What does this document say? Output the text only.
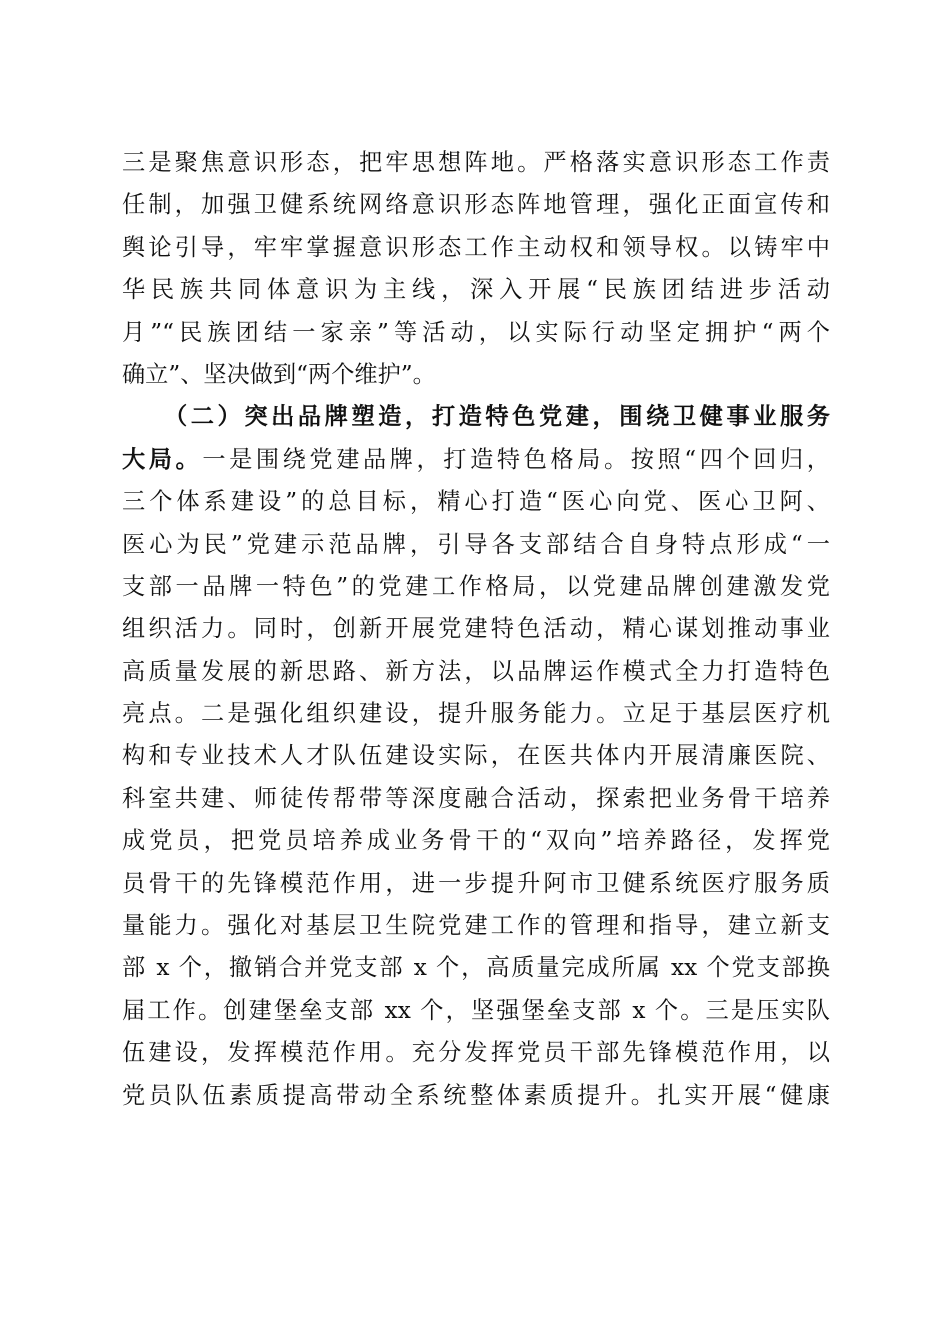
三是聚焦意识形态，把牢思想阵地。严格落实意识形态工作责
任制，加强卫健系统网络意识形态阵地管理，强化正面宣传和
舆论引导，牢牢掌握意识形态工作主动权和领导权。以铸牢中
华民族共同体意识为主线，深入开展“民族团结进步活动
月”“民族团结一家亲”等活动，以实际行动坚定拥护“两个
确立”、坚决做到“两个维护”。
　　（二）突出品牌塑造，打造特色党建，围绕卫健事业服务
大局。一是围绕党建品牌，打造特色格局。按照“四个回归，
三个体系建设”的总目标，精心打造“医心向党、医心卫阿、
医心为民”党建示范品牌，引导各支部结合自身特点形成“一
支部一品牌一特色”的党建工作格局，以党建品牌创建激发党
组织活力。同时，创新开展党建特色活动，精心谋划推动事业
高质量发展的新思路、新方法，以品牌运作模式全力打造特色
亮点。二是强化组织建设，提升服务能力。立足于基层医疗机
构和专业技术人才队伍建设实际，在医共体内开展清廉医院、
科室共建、师徒传帮带等深度融合活动，探索把业务骨干培养
成党员，把党员培养成业务骨干的“双向”培养路径，发挥党
员骨干的先锋模范作用，进一步提升阿市卫健系统医疗服务质
量能力。强化对基层卫生院党建工作的管理和指导，建立新支
部 x 个，撤销合并党支部 x 个，高质量完成所属 xx 个党支部换
届工作。创建堡垒支部 xx 个，坚强堡垒支部 x 个。三是压实队
伍建设，发挥模范作用。充分发挥党员干部先锋模范作用，以
党员队伍素质提高带动全系统整体素质提升。扎实开展“健康
